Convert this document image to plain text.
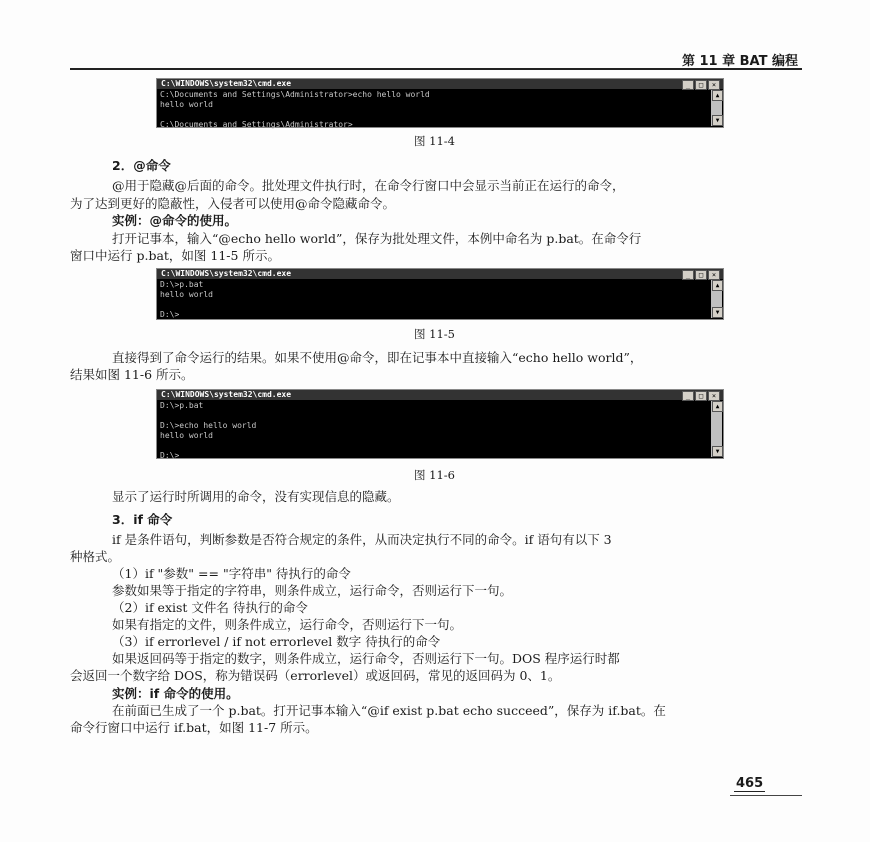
第 11 章 BAT 编程
C:\WINDOWS\system32\cmd.exe	_ □ ×
C:\Documents and Settings\Administrator>echo hello world
hello world

C:\Documents and Settings\Administrator>
▲
▼
图 11-4
2．@命令
@用于隐藏@后面的命令。批处理文件执行时，在命令行窗口中会显示当前正在运行的命令，
为了达到更好的隐蔽性，入侵者可以使用@命令隐藏命令。
实例：@命令的使用。
打开记事本，输入“@echo hello world”，保存为批处理文件，本例中命名为 p.bat。在命令行
窗口中运行 p.bat，如图 11-5 所示。
C:\WINDOWS\system32\cmd.exe	_ □ ×
D:\>p.bat
hello world

D:\>
▲
▼
图 11-5
直接得到了命令运行的结果。如果不使用@命令，即在记事本中直接输入“echo hello world”，
结果如图 11-6 所示。
C:\WINDOWS\system32\cmd.exe	_ □ ×
D:\>p.bat

D:\>echo hello world
hello world

D:\>
▲
▼
图 11-6
显示了运行时所调用的命令，没有实现信息的隐藏。
3．if 命令
if 是条件语句，判断参数是否符合规定的条件，从而决定执行不同的命令。if 语句有以下 3
种格式。
（1）if "参数" == "字符串" 待执行的命令
参数如果等于指定的字符串，则条件成立，运行命令，否则运行下一句。
（2）if exist 文件名 待执行的命令
如果有指定的文件，则条件成立，运行命令，否则运行下一句。
（3）if errorlevel / if not errorlevel 数字 待执行的命令
如果返回码等于指定的数字，则条件成立，运行命令，否则运行下一句。DOS 程序运行时都
会返回一个数字给 DOS，称为错误码（errorlevel）或返回码，常见的返回码为 0、1。
实例：if 命令的使用。
在前面已生成了一个 p.bat。打开记事本输入“@if exist p.bat echo succeed”，保存为 if.bat。在
命令行窗口中运行 if.bat，如图 11-7 所示。
465
